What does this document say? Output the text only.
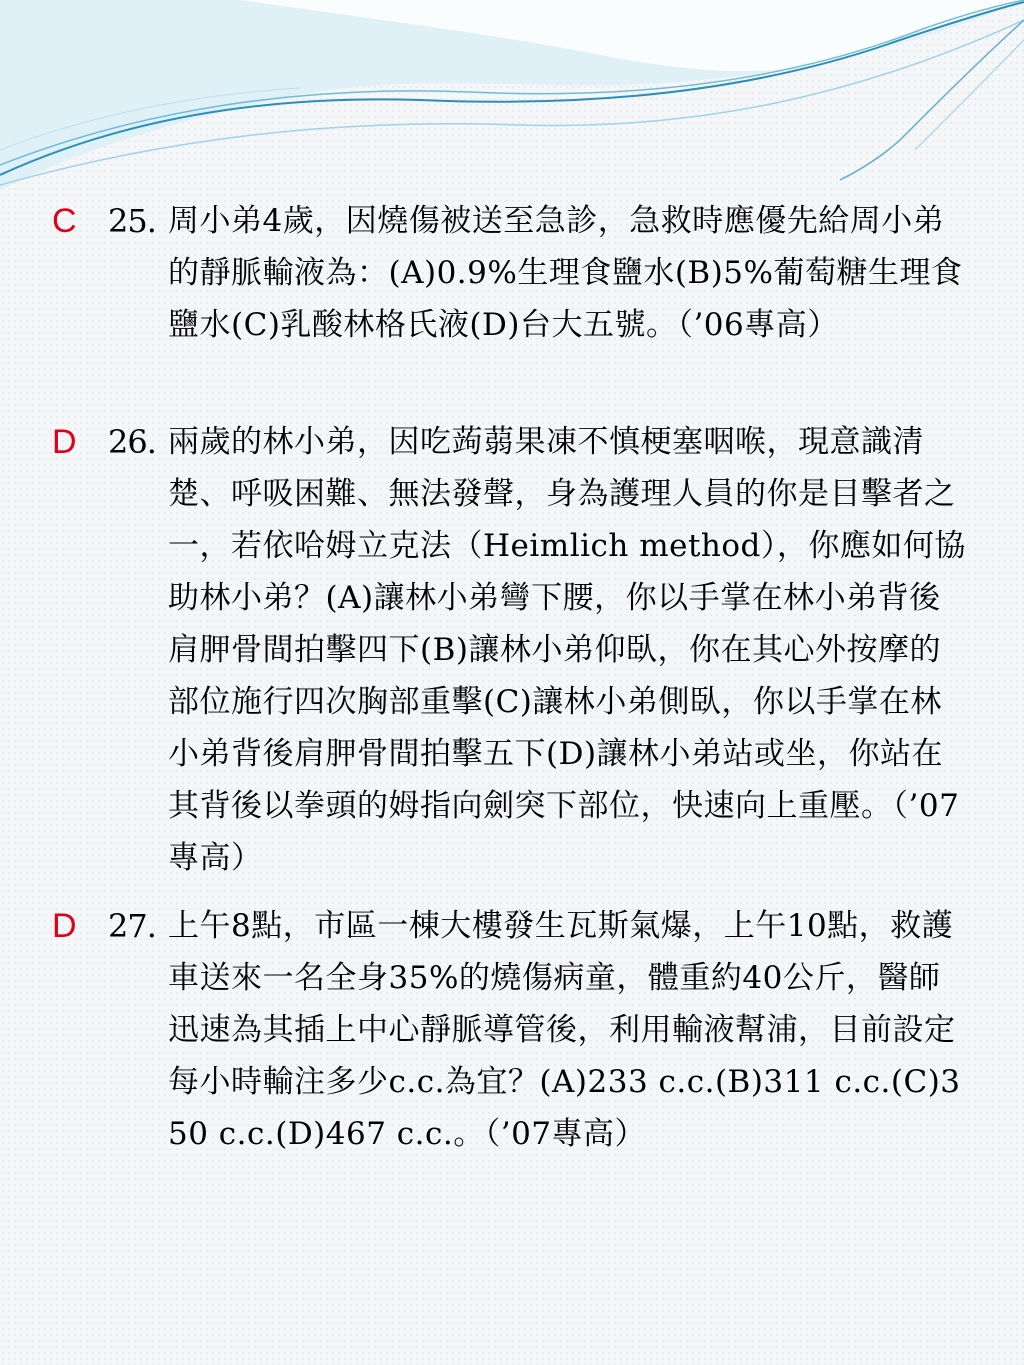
C 25. 周小弟4歲，因燒傷被送至急診，急救時應優先給周小弟的靜脈輸液為：(A)0.9%生理食鹽水(B)5%葡萄糖生理食鹽水(C)乳酸林格氏液(D)台大五號。（’06專高）
D 26. 兩歲的林小弟，因吃蒟蒻果凍不慎梗塞咽喉，現意識清楚、呼吸困難、無法發聲，身為護理人員的你是目擊者之一，若依哈姆立克法（Heimlich method），你應如何協助林小弟？(A)讓林小弟彎下腰，你以手掌在林小弟背後肩胛骨間拍擊四下(B)讓林小弟仰臥，你在其心外按摩的部位施行四次胸部重擊(C)讓林小弟側臥，你以手掌在林小弟背後肩胛骨間拍擊五下(D)讓林小弟站或坐，你站在其背後以拳頭的姆指向劍突下部位，快速向上重壓。（’07專高）
D 27. 上午8點，市區一棟大樓發生瓦斯氣爆，上午10點，救護車送來一名全身35%的燒傷病童，體重約40公斤，醫師迅速為其插上中心靜脈導管後，利用輸液幫浦，目前設定每小時輸注多少c.c.為宜？(A)233 c.c.(B)311 c.c.(C)350 c.c.(D)467 c.c.。（’07專高）
